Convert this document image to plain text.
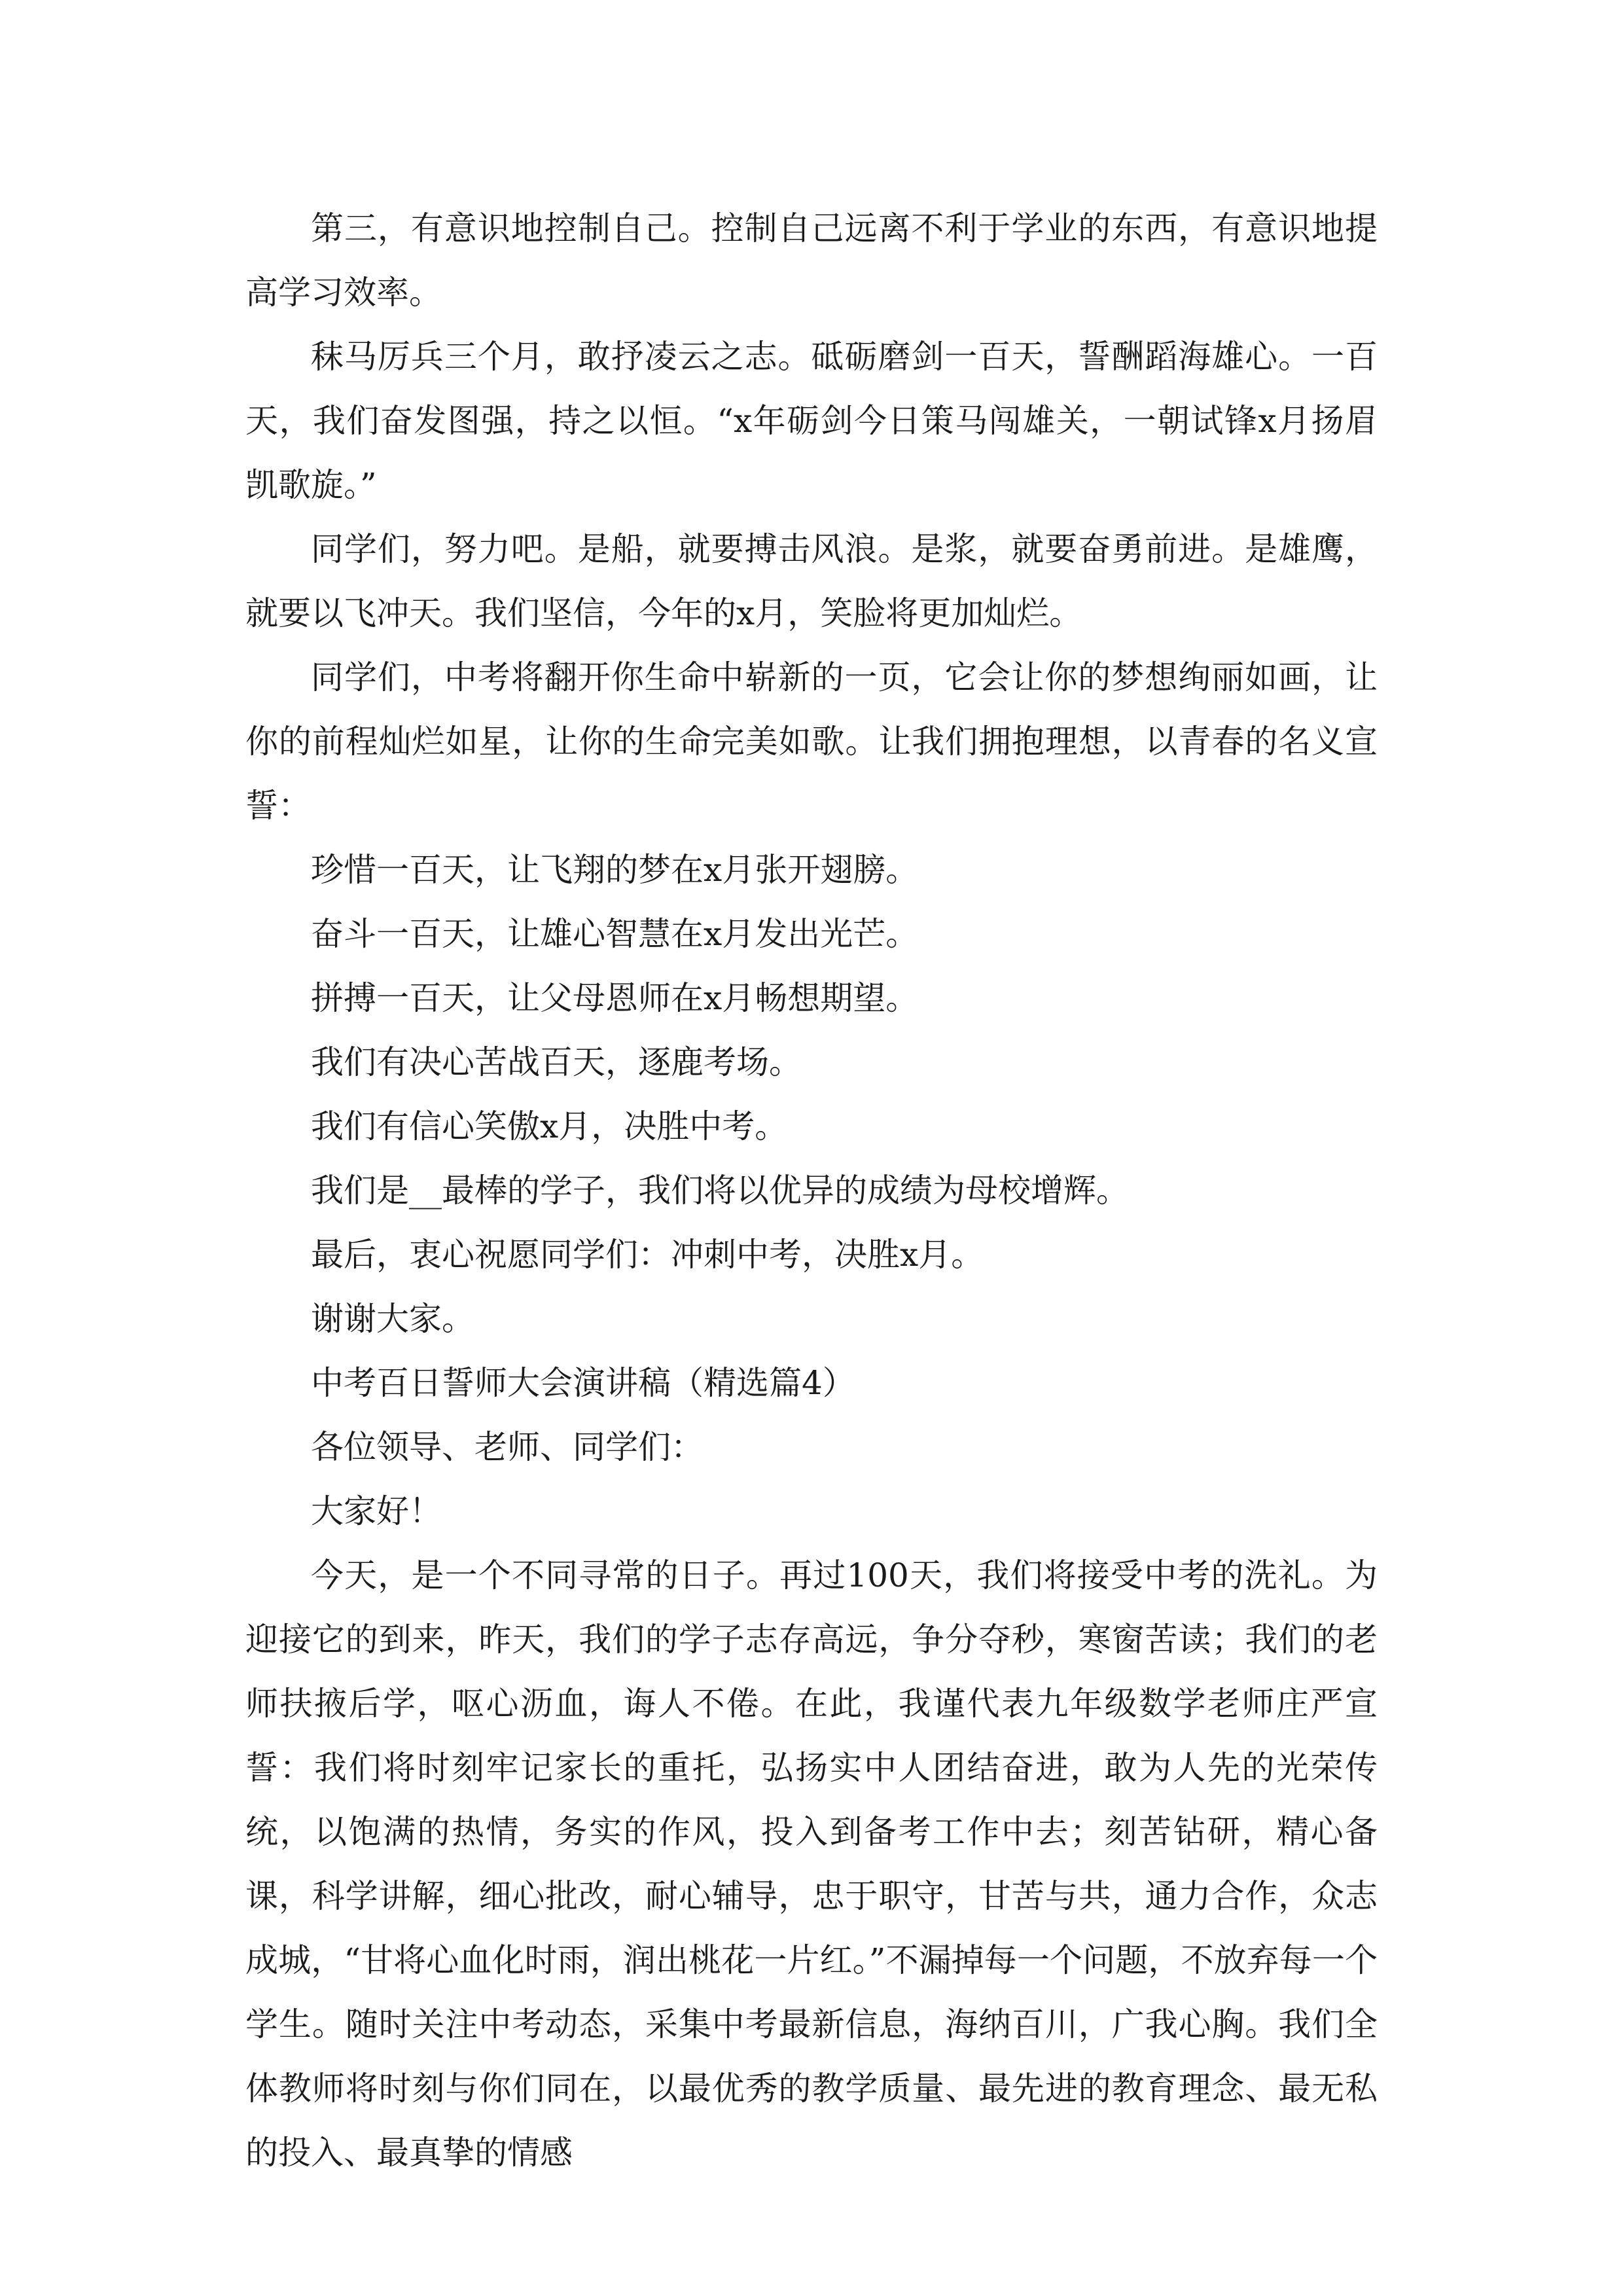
第三，有意识地控制自己。控制自己远离不利于学业的东西，有意识地提高学习效率。

秣马厉兵三个月，敢抒凌云之志。砥砺磨剑一百天，誓酬蹈海雄心。一百天，我们奋发图强，持之以恒。“x年砺剑今日策马闯雄关，一朝试锋x月扬眉凯歌旋。”

同学们，努力吧。是船，就要搏击风浪。是浆，就要奋勇前进。是雄鹰，就要以飞冲天。我们坚信，今年的x月，笑脸将更加灿烂。

同学们，中考将翻开你生命中崭新的一页，它会让你的梦想绚丽如画，让你的前程灿烂如星，让你的生命完美如歌。让我们拥抱理想，以青春的名义宣誓：

珍惜一百天，让飞翔的梦在x月张开翅膀。

奋斗一百天，让雄心智慧在x月发出光芒。

拼搏一百天，让父母恩师在x月畅想期望。

我们有决心苦战百天，逐鹿考场。

我们有信心笑傲x月，决胜中考。

我们是__最棒的学子，我们将以优异的成绩为母校增辉。

最后，衷心祝愿同学们：冲刺中考，决胜x月。

谢谢大家。

中考百日誓师大会演讲稿（精选篇4）

各位领导、老师、同学们：

大家好！

今天，是一个不同寻常的日子。再过100天，我们将接受中考的洗礼。为迎接它的到来，昨天，我们的学子志存高远，争分夺秒，寒窗苦读；我们的老师扶掖后学，呕心沥血，诲人不倦。在此，我谨代表九年级数学老师庄严宣誓：我们将时刻牢记家长的重托，弘扬实中人团结奋进，敢为人先的光荣传统，以饱满的热情，务实的作风，投入到备考工作中去；刻苦钻研，精心备课，科学讲解，细心批改，耐心辅导，忠于职守，甘苦与共，通力合作，众志成城，“甘将心血化时雨，润出桃花一片红。”不漏掉每一个问题，不放弃每一个学生。随时关注中考动态，采集中考最新信息，海纳百川，广我心胸。我们全体教师将时刻与你们同在，以最优秀的教学质量、最先进的教育理念、最无私的投入、最真挚的情感
